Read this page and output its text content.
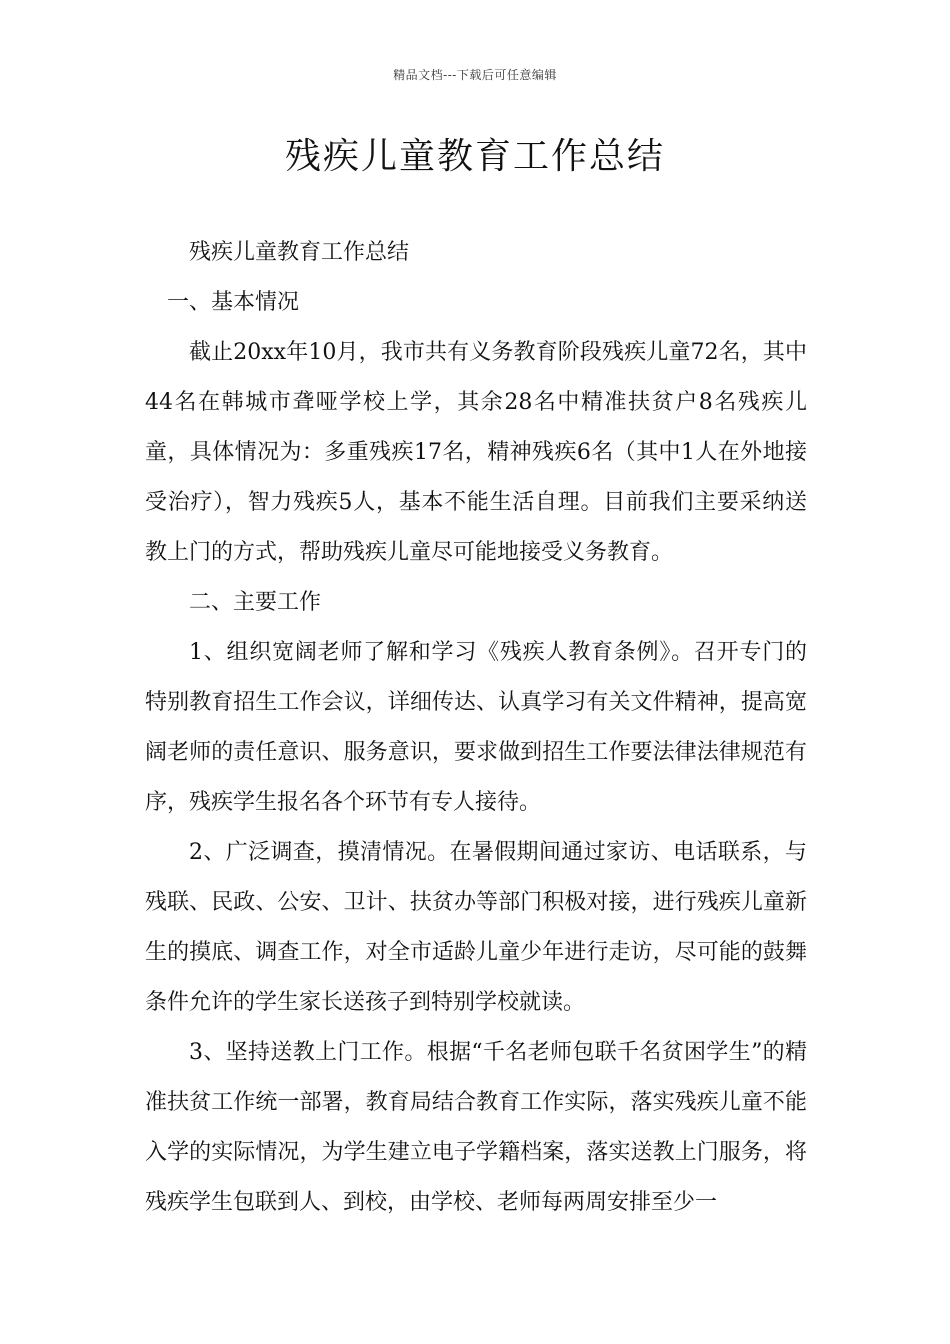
精品文档---下载后可任意编辑
残疾儿童教育工作总结

残疾儿童教育工作总结

一、基本情况

截止20xx年10月，我市共有义务教育阶段残疾儿童72名，其中44名在韩城市聋哑学校上学，其余28名中精准扶贫户8名残疾儿童，具体情况为：多重残疾17名，精神残疾6名（其中1人在外地接受治疗），智力残疾5人，基本不能生活自理。目前我们主要采纳送教上门的方式，帮助残疾儿童尽可能地接受义务教育。

二、主要工作

1、组织宽阔老师了解和学习《残疾人教育条例》。召开专门的特别教育招生工作会议，详细传达、认真学习有关文件精神，提高宽阔老师的责任意识、服务意识，要求做到招生工作要法律法律规范有序，残疾学生报名各个环节有专人接待。

2、广泛调查，摸清情况。在暑假期间通过家访、电话联系，与残联、民政、公安、卫计、扶贫办等部门积极对接，进行残疾儿童新生的摸底、调查工作，对全市适龄儿童少年进行走访，尽可能的鼓舞条件允许的学生家长送孩子到特别学校就读。

3、坚持送教上门工作。根据“千名老师包联千名贫困学生”的精准扶贫工作统一部署，教育局结合教育工作实际，落实残疾儿童不能入学的实际情况，为学生建立电子学籍档案，落实送教上门服务，将残疾学生包联到人、到校，由学校、老师每两周安排至少一
